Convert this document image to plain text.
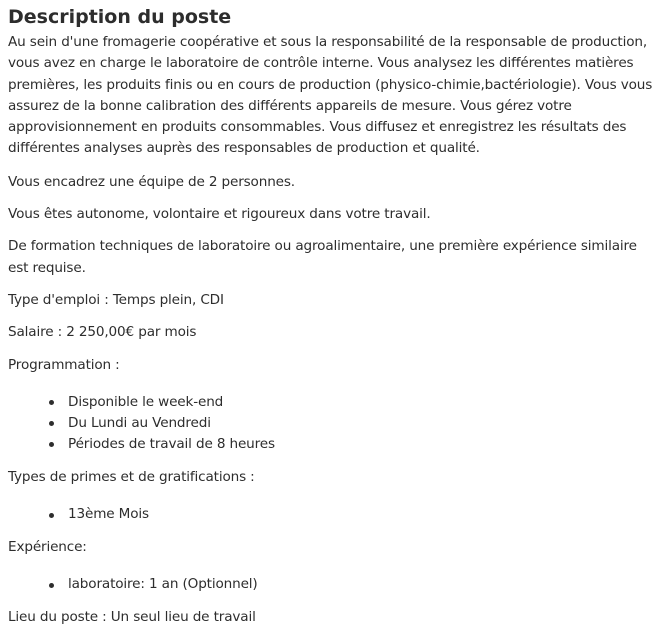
Description du poste

Au sein d'une fromagerie coopérative et sous la responsabilité de la responsable de production, vous avez en charge le laboratoire de contrôle interne. Vous analysez les différentes matières premières, les produits finis ou en cours de production (physico-chimie,bactériologie). Vous vous assurez de la bonne calibration des différents appareils de mesure. Vous gérez votre approvisionnement en produits consommables. Vous diffusez et enregistrez les résultats des différentes analyses auprès des responsables de production et qualité.

Vous encadrez une équipe de 2 personnes.

Vous êtes autonome, volontaire et rigoureux dans votre travail.

De formation techniques de laboratoire ou agroalimentaire, une première expérience similaire est requise.

Type d'emploi : Temps plein, CDI

Salaire : 2 250,00€ par mois

Programmation :

Disponible le week-end
Du Lundi au Vendredi
Périodes de travail de 8 heures

Types de primes et de gratifications :

13ème Mois

Expérience:

laboratoire: 1 an (Optionnel)

Lieu du poste : Un seul lieu de travail
